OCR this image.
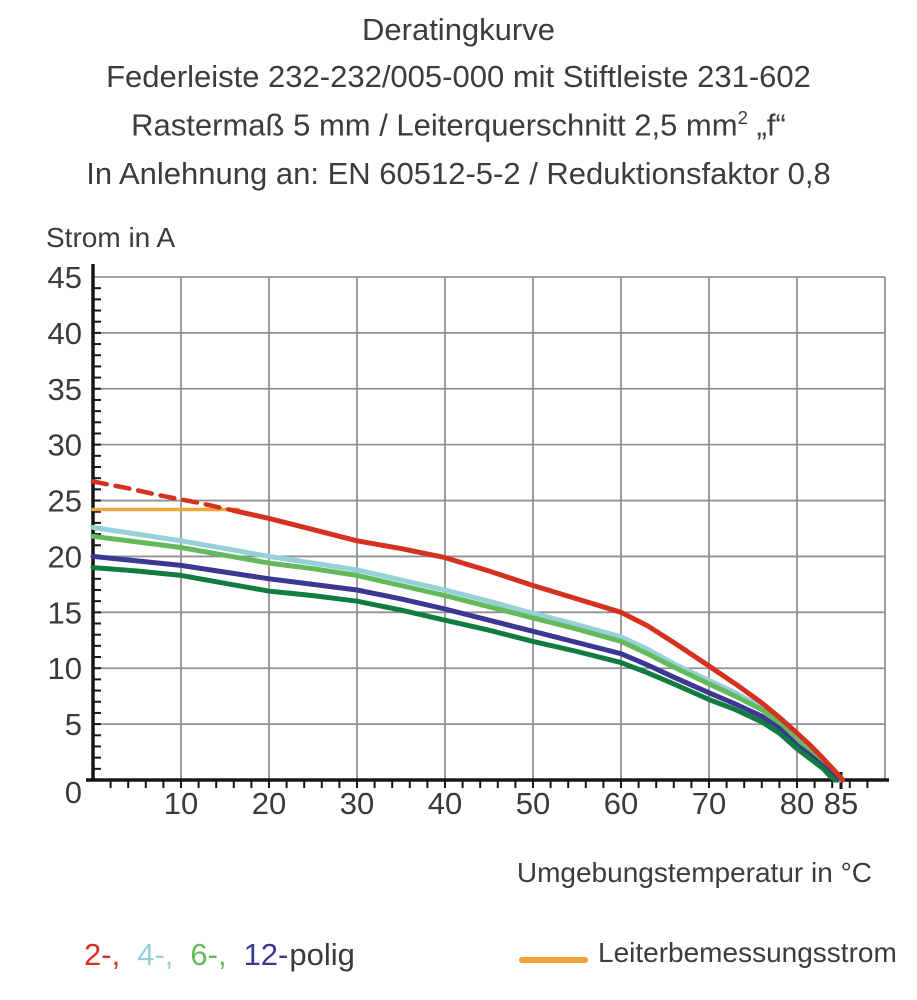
10 20 30 40 50 60 70 80 85
0
5
10
15
20
25
30
35
40
45
Deratingkurve
Federleiste 232-232/005-000 mit Stiftleiste 231-602
Rastermaß 5 mm / Leiterquerschnitt 2,5 $mm^2$ „f“
In Anlehnung an: EN 60512-5-2 / Reduktionsfaktor 0,8
Strom in A
Umgebungstemperatur in °C
2-, 4-, 6-, 12-polig	Leiterbemessungsstrom
